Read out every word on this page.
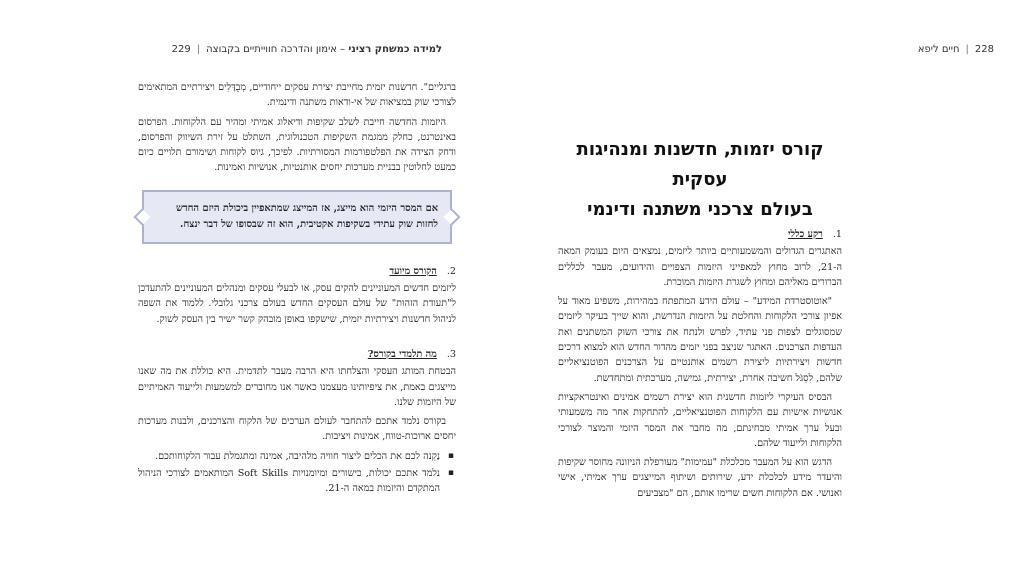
למידה כמשחק רציני – אימון והדרכה חווייתיים בקבוצה|229

ברגליים". חדשנות יזמית מחייבת יצירת עסקים ייחודיים, מְבֻדָּלִים ויצירתיים המתאימים לצורכי שוק במציאות של אי-ודאות משתנה ודינמית.

היזמות החדשה חייבת לשלב שקיפות ודיאלוג אמיתי ומהיר עם הלקוחות. הפרסום באינטרנט, כחלק ממגמת השקיפות הטכנולוגית, השתלט על זירת השיווק והפרסום, ודחק הצידה את הפלטפורמות המסורתיות. לפיכך, גיוס לקוחות ושימורם תלויים כיום כמעט לחלוטין בבניית מערכות יחסים אותנטיות, אנושיות ואמינות.

אם המסר היזמי הוא מייצג, אז המייצג שמתאפיין ביכולת היזם החדש לחזות שוק עתידי בשקיפות אקטיבית, הוא זה שבסופו של דבר ינצח.
2.
הקורס מיועד

ליזמים חדשים המעוניינים להקים עסק, או לבעלי עסקים ומנהלים המעוניינים להתעדכן ל"תעודת הזהות" של עולם העסקים החדש בעולם צרכני גלובלי. ללמוד את השפה לניהול חדשנות ויצירתיות יזמית, שישקפו באופן מובהק קשר ישיר בין העסק לשוק.

3.
מה תלמדי בקורס?

הבטחת המותג העסקי והצלחתו היא הרבה מעבר לתדמית. היא כוללת את מה שאנו מייצגים באמת, את ציפיותינו מעצמנו כאשר אנו מחוברים למשמעות ולייעוד האמיתיים של היזמות שלנו.

בקורס נלמד אתכם להתחבר לעולם הערכים של הלקוח והצרכנים, ולבנות מערכות יחסים ארוכות-טווח, אמינות ויציבות.

▪ נַקְנה לכם את הכלים ליצור חוויה מלהיבה, אמינה ומתגמלת עבור הלקוחותכם.
▪ נלמד אתכם יכולות, כישורים ומיומנויות Soft Skills המותאמים לצורכי הניהול המתקדם והיזמות במאה ה-21.
228|חיים ליפא
קורס יזמות, חדשנות ומנהיגות עסקית
בעולם צרכני משתנה ודינמי
1.
רקע כללי

האתגרים הגדולים והמשמעותיים ביותר ליזמים, נמצאים היום בעומק המאה ה-21, לרוב מחוץ למאפייני היזמות הצפויים והידועים, מעבר לכללים הברורים מאליהם ומחוץ לשגרת היזמות המוכרת.

"אוטוסטרדת המידע" – עולם הידע המתפתח במהירות, משפיע מאוד על אפיון צורכי הלקוחות והחלטת על היזמות הנדרשת, והוא שייך בעיקר ליזמים שמסוגלים לצפות פני עתיד, לפרש ולנתח את צורכי השוק המשתנים ואת העדפות הצרכנים. האתגר שניצב בפני יזמים מהדור החדש הוא למצוא דרכים חדשות ויצירתיות ליצירת רשמים אותנטיים על הצרכנים הפוטנציאליים שלהם, לִסְגֹּל חשיבה אחרת, יצירתית, גמישה, מערכתית ומתחדשת.

הבסיס העיקרי ליזמות חדשנית הוא יצירת רשמים אמינים ואינטראקציות אנושיות אישיות עם הלקוחות הפוטנציאליים, להתחקות אחר מה משמעותי ובעל ערך אמיתי מבחינתם, מה מחבר את המסר היזמי והמוצר לצורכי הלקוחות ולייעוד שלהם.

הדגש הוא על המעבר מכלכלת "עמימות" מעורפלת הניזונה מחוסר שקיפות והיעדר מידע לכלכלת ידע, שירותים ושיתוף המייצגים ערך אמיתי, אישי ואנושי. אם הלקוחות חשים שרימו אותם, הם "מצביעים
